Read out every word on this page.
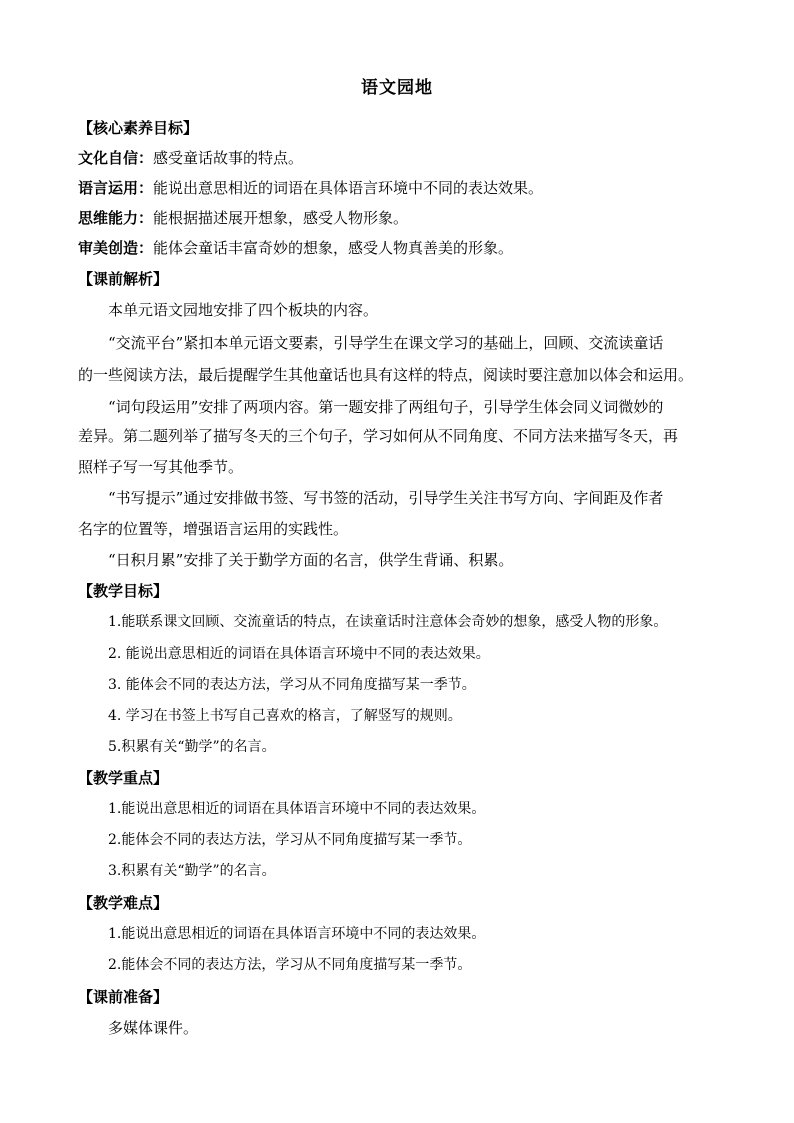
语文园地
【核心素养目标】
文化自信：感受童话故事的特点。
语言运用：能说出意思相近的词语在具体语言环境中不同的表达效果。
思维能力：能根据描述展开想象，感受人物形象。
审美创造：能体会童话丰富奇妙的想象，感受人物真善美的形象。
【课前解析】
本单元语文园地安排了四个板块的内容。
“交流平台”紧扣本单元语文要素，引导学生在课文学习的基础上，回顾、交流读童话
的一些阅读方法，最后提醒学生其他童话也具有这样的特点，阅读时要注意加以体会和运用。
“词句段运用”安排了两项内容。第一题安排了两组句子，引导学生体会同义词微妙的
差异。第二题列举了描写冬天的三个句子，学习如何从不同角度、不同方法来描写冬天，再
照样子写一写其他季节。
“书写提示”通过安排做书签、写书签的活动，引导学生关注书写方向、字间距及作者
名字的位置等，增强语言运用的实践性。
“日积月累”安排了关于勤学方面的名言，供学生背诵、积累。
【教学目标】
1.能联系课文回顾、交流童话的特点，在读童话时注意体会奇妙的想象，感受人物的形象。
2. 能说出意思相近的词语在具体语言环境中不同的表达效果。
3. 能体会不同的表达方法，学习从不同角度描写某一季节。
4. 学习在书签上书写自己喜欢的格言，了解竖写的规则。
5.积累有关“勤学”的名言。
【教学重点】
1.能说出意思相近的词语在具体语言环境中不同的表达效果。
2.能体会不同的表达方法，学习从不同角度描写某一季节。
3.积累有关“勤学”的名言。
【教学难点】
1.能说出意思相近的词语在具体语言环境中不同的表达效果。
2.能体会不同的表达方法，学习从不同角度描写某一季节。
【课前准备】
多媒体课件。
